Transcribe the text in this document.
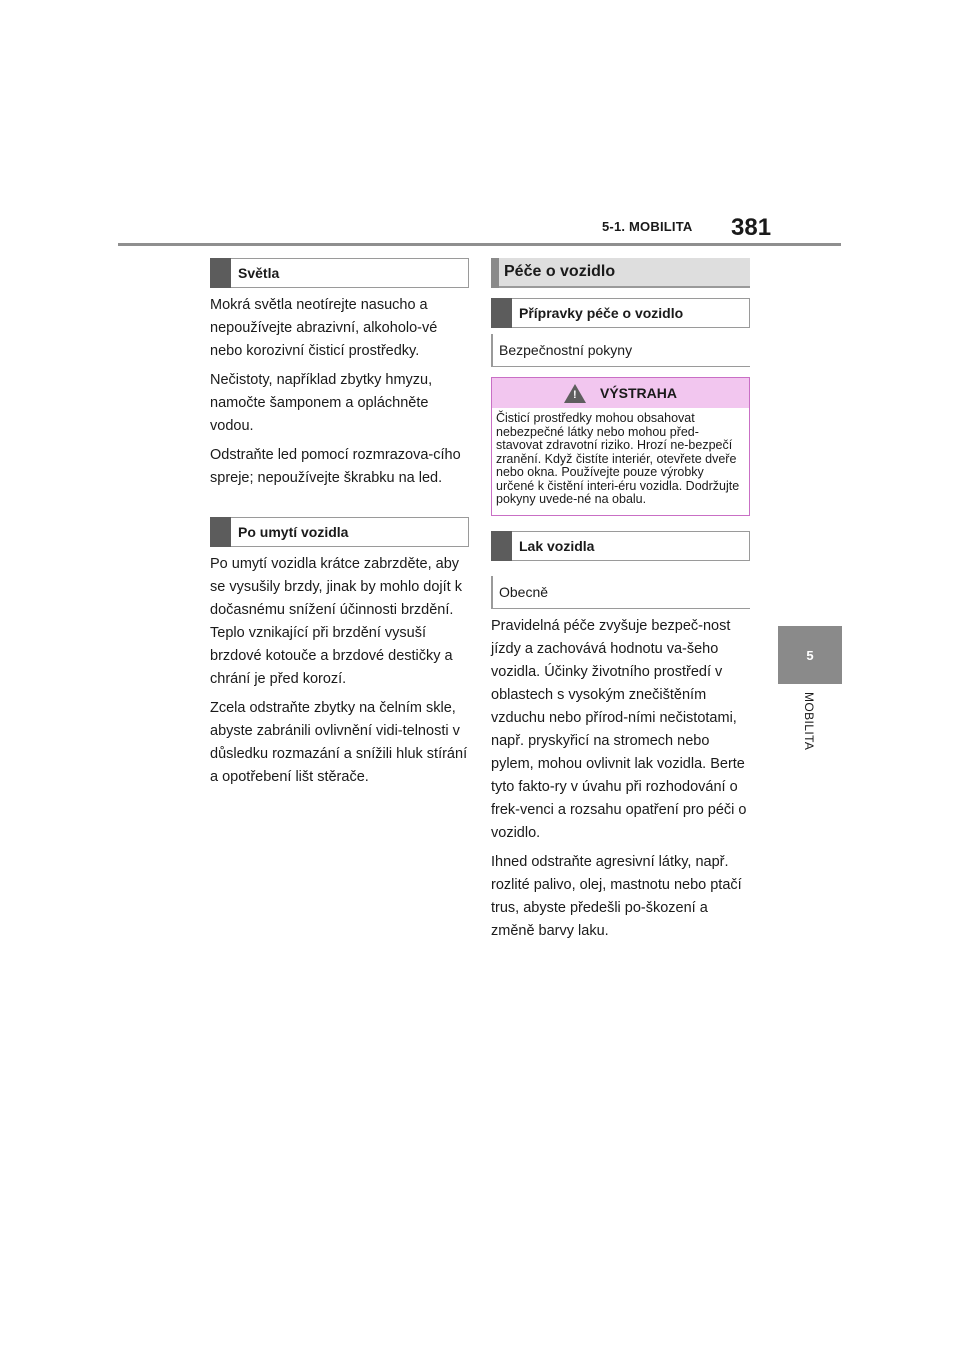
5-1. MOBILITA 381
5
MOBILITA
Světla

Mokrá světla neotírejte nasucho a nepoužívejte abrazivní, alkoholo-vé nebo korozivní čisticí prostředky.

Nečistoty, například zbytky hmyzu, namočte šamponem a opláchněte vodou.

Odstraňte led pomocí rozmrazova-cího spreje; nepoužívejte škrabku na led.

Po umytí vozidla

Po umytí vozidla krátce zabrzděte, aby se vysušily brzdy, jinak by mohlo dojít k dočasnému snížení účinnosti brzdění. Teplo vznikající při brzdění vysuší brzdové kotouče a brzdové destičky a chrání je před korozí.

Zcela odstraňte zbytky na čelním skle, abyste zabránili ovlivnění vidi-telnosti v důsledku rozmazání a snížili hluk stírání a opotřebení lišt stěrače.

Péče o vozidlo
Přípravky péče o vozidlo
Bezpečnostní pokyny
! VÝSTRAHA
Čisticí prostředky mohou obsahovat nebezpečné látky nebo mohou před-stavovat zdravotní riziko. Hrozí ne-bezpečí zranění. Když čistíte interiér, otevřete dveře nebo okna. Používejte pouze výrobky určené k čistění interi-éru vozidla. Dodržujte pokyny uvede-né na obalu.
Lak vozidla
Obecně

Pravidelná péče zvyšuje bezpeč-nost jízdy a zachovává hodnotu va-šeho vozidla. Účinky životního prostředí v oblastech s vysokým znečištěním vzduchu nebo přírod-ními nečistotami, např. pryskyřicí na stromech nebo pylem, mohou ovlivnit lak vozidla. Berte tyto fakto-ry v úvahu při rozhodování o frek-venci a rozsahu opatření pro péči o vozidlo.

Ihned odstraňte agresivní látky, např. rozlité palivo, olej, mastnotu nebo ptačí trus, abyste předešli po-škození a změně barvy laku.
